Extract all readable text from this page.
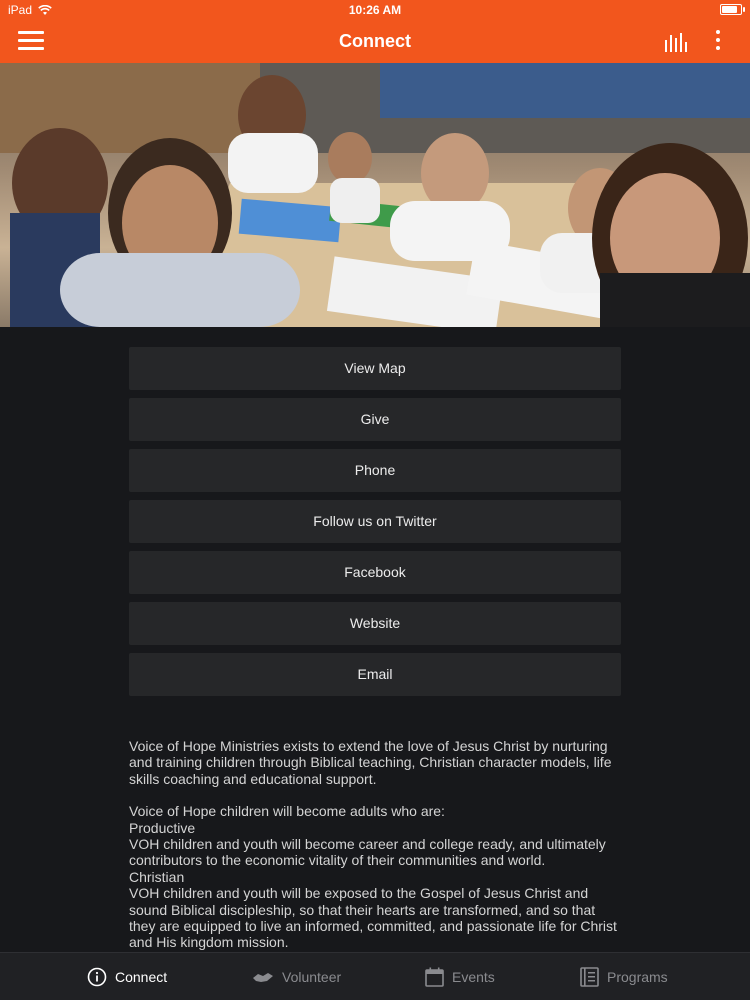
iPad	10:26 AM
Connect
View Map
Give
Phone
Follow us on Twitter
Facebook
Website
Email

Voice of Hope Ministries exists to extend the love of Jesus Christ by nurturing and training children through Biblical teaching, Christian character models, life skills coaching and educational support.

Voice of Hope children will become adults who are:

Productive

VOH children and youth will become career and college ready, and ultimately contributors to the economic vitality of their communities and world.

Christian

VOH children and youth will be exposed to the Gospel of Jesus Christ and sound Biblical discipleship, so that their hearts are transformed, and so that they are equipped to live an informed, committed, and passionate life for Christ and His kingdom mission.

Connect	Volunteer	Events	Programs
